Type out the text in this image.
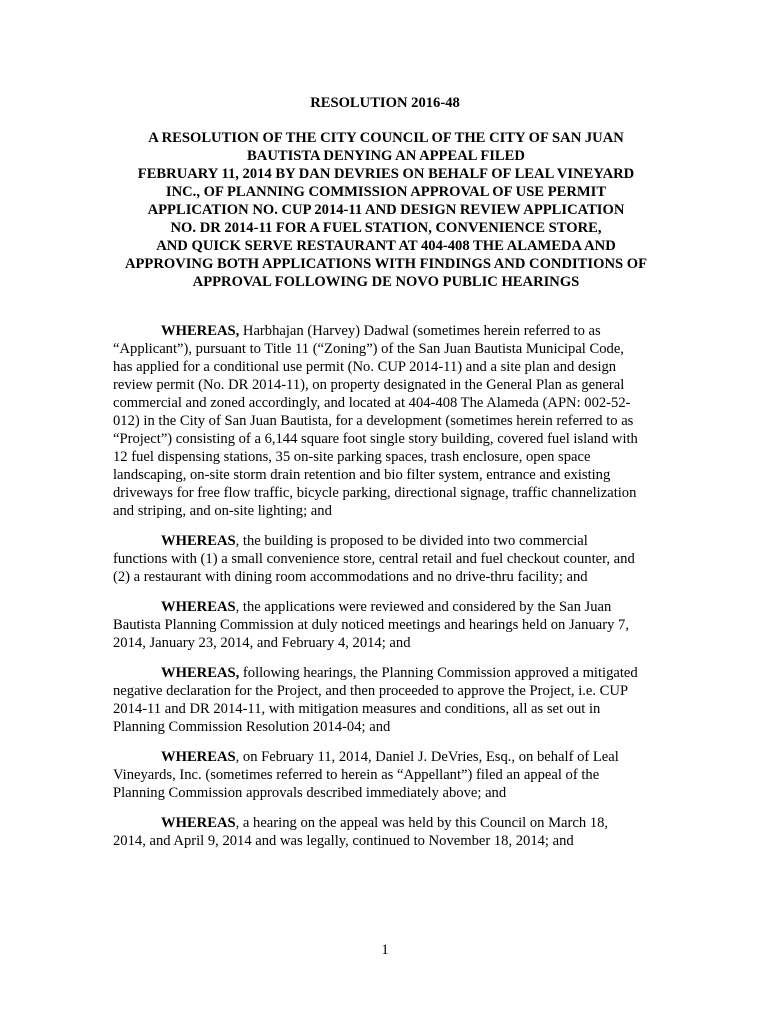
RESOLUTION 2016-48
A RESOLUTION OF THE CITY COUNCIL OF THE CITY OF SAN JUAN
BAUTISTA DENYING AN APPEAL FILED
FEBRUARY 11, 2014 BY DAN DEVRIES ON BEHALF OF LEAL VINEYARD
INC., OF PLANNING COMMISSION APPROVAL OF USE PERMIT
APPLICATION NO. CUP 2014-11 AND DESIGN REVIEW APPLICATION
NO. DR 2014-11 FOR A FUEL STATION, CONVENIENCE STORE,
AND QUICK SERVE RESTAURANT AT 404-408 THE ALAMEDA AND
APPROVING BOTH APPLICATIONS WITH FINDINGS AND CONDITIONS OF
APPROVAL FOLLOWING DE NOVO PUBLIC HEARINGS

WHEREAS, Harbhajan (Harvey) Dadwal (sometimes herein referred to as
“Applicant”), pursuant to Title 11 (“Zoning”) of the San Juan Bautista Municipal Code,
has applied for a conditional use permit (No. CUP 2014-11) and a site plan and design
review permit (No. DR 2014-11), on property designated in the General Plan as general
commercial and zoned accordingly, and located at 404-408 The Alameda (APN: 002-52-
012) in the City of San Juan Bautista, for a development (sometimes herein referred to as
“Project”) consisting of a 6,144 square foot single story building, covered fuel island with
12 fuel dispensing stations, 35 on-site parking spaces, trash enclosure, open space
landscaping, on-site storm drain retention and bio filter system, entrance and existing
driveways for free flow traffic, bicycle parking, directional signage, traffic channelization
and striping, and on-site lighting; and

WHEREAS, the building is proposed to be divided into two commercial
functions with (1) a small convenience store, central retail and fuel checkout counter, and
(2) a restaurant with dining room accommodations and no drive-thru facility; and

WHEREAS, the applications were reviewed and considered by the San Juan
Bautista Planning Commission at duly noticed meetings and hearings held on January 7,
2014, January 23, 2014, and February 4, 2014; and

WHEREAS, following hearings, the Planning Commission approved a mitigated
negative declaration for the Project, and then proceeded to approve the Project, i.e. CUP
2014-11 and DR 2014-11, with mitigation measures and conditions, all as set out in
Planning Commission Resolution 2014-04; and

WHEREAS, on February 11, 2014, Daniel J. DeVries, Esq., on behalf of Leal
Vineyards, Inc. (sometimes referred to herein as “Appellant”) filed an appeal of the
Planning Commission approvals described immediately above; and

WHEREAS, a hearing on the appeal was held by this Council on March 18,
2014, and April 9, 2014 and was legally, continued to November 18, 2014; and

1
